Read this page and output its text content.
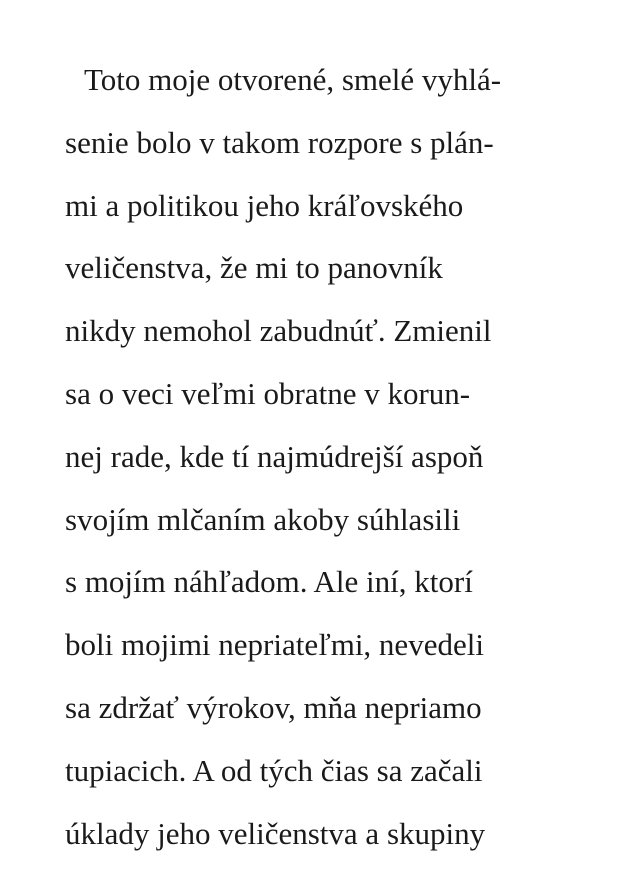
Toto moje otvorené, smelé vyhlá-
senie bolo v takom rozpore s plán-
mi a politikou jeho kráľovského
veličenstva, že mi to panovník
nikdy nemohol zabudnúť. Zmienil
sa o veci veľmi obratne v korun-
nej rade, kde tí najmúdrejší aspoň
svojím mlčaním akoby súhlasili
s mojím náhľadom. Ale iní, ktorí
boli mojimi nepriateľmi, nevedeli
sa zdržať výrokov, mňa nepriamo
tupiacich. A od tých čias sa začali
úklady jeho veličenstva a skupiny
